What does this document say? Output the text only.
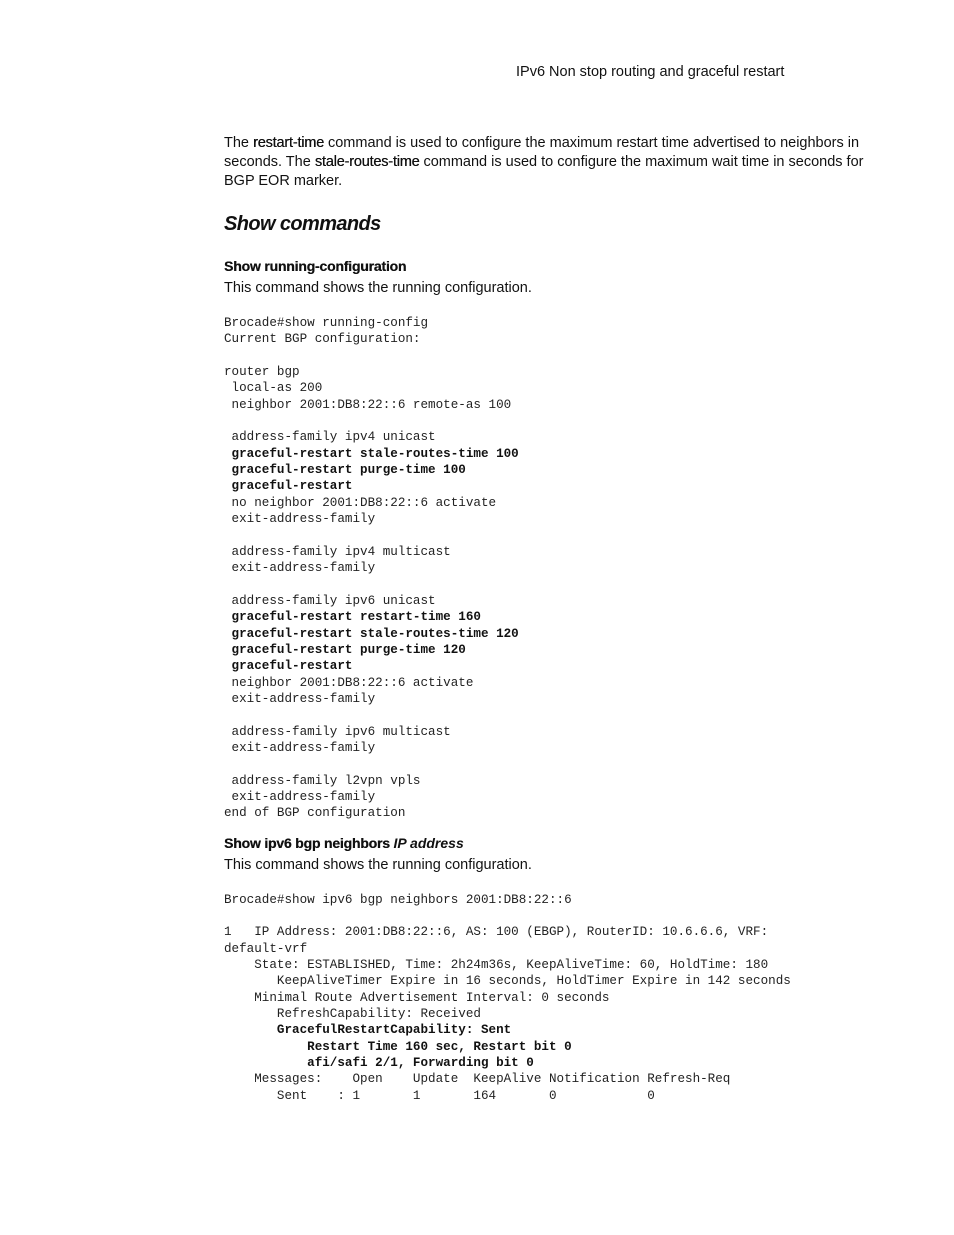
IPv6 Non stop routing and graceful restart

The restart-time command is used to configure the maximum restart time advertised to neighbors in seconds. The stale-routes-time command is used to configure the maximum wait time in seconds for BGP EOR marker.

Show commands
Show running-configuration

This command shows the running configuration.

Brocade#show running-config
Current BGP configuration:

router bgp
local-as 200
neighbor 2001:DB8:22::6 remote-as 100

address-family ipv4 unicast
graceful-restart stale-routes-time 100
graceful-restart purge-time 100
graceful-restart
no neighbor 2001:DB8:22::6 activate
exit-address-family

address-family ipv4 multicast
exit-address-family

address-family ipv6 unicast
graceful-restart restart-time 160
graceful-restart stale-routes-time 120
graceful-restart purge-time 120
graceful-restart
neighbor 2001:DB8:22::6 activate
exit-address-family

address-family ipv6 multicast
exit-address-family

address-family l2vpn vpls
exit-address-family
end of BGP configuration
Show ipv6 bgp neighbors IP address

This command shows the running configuration.

Brocade#show ipv6 bgp neighbors 2001:DB8:22::6

1   IP Address: 2001:DB8:22::6, AS: 100 (EBGP), RouterID: 10.6.6.6, VRF:
default-vrf
State: ESTABLISHED, Time: 2h24m36s, KeepAliveTime: 60, HoldTime: 180
KeepAliveTimer Expire in 16 seconds, HoldTimer Expire in 142 seconds
Minimal Route Advertisement Interval: 0 seconds
RefreshCapability: Received
GracefulRestartCapability: Sent
Restart Time 160 sec, Restart bit 0
afi/safi 2/1, Forwarding bit 0
Messages:    Open    Update  KeepAlive Notification Refresh-Req
Sent    : 1       1       164       0            0
